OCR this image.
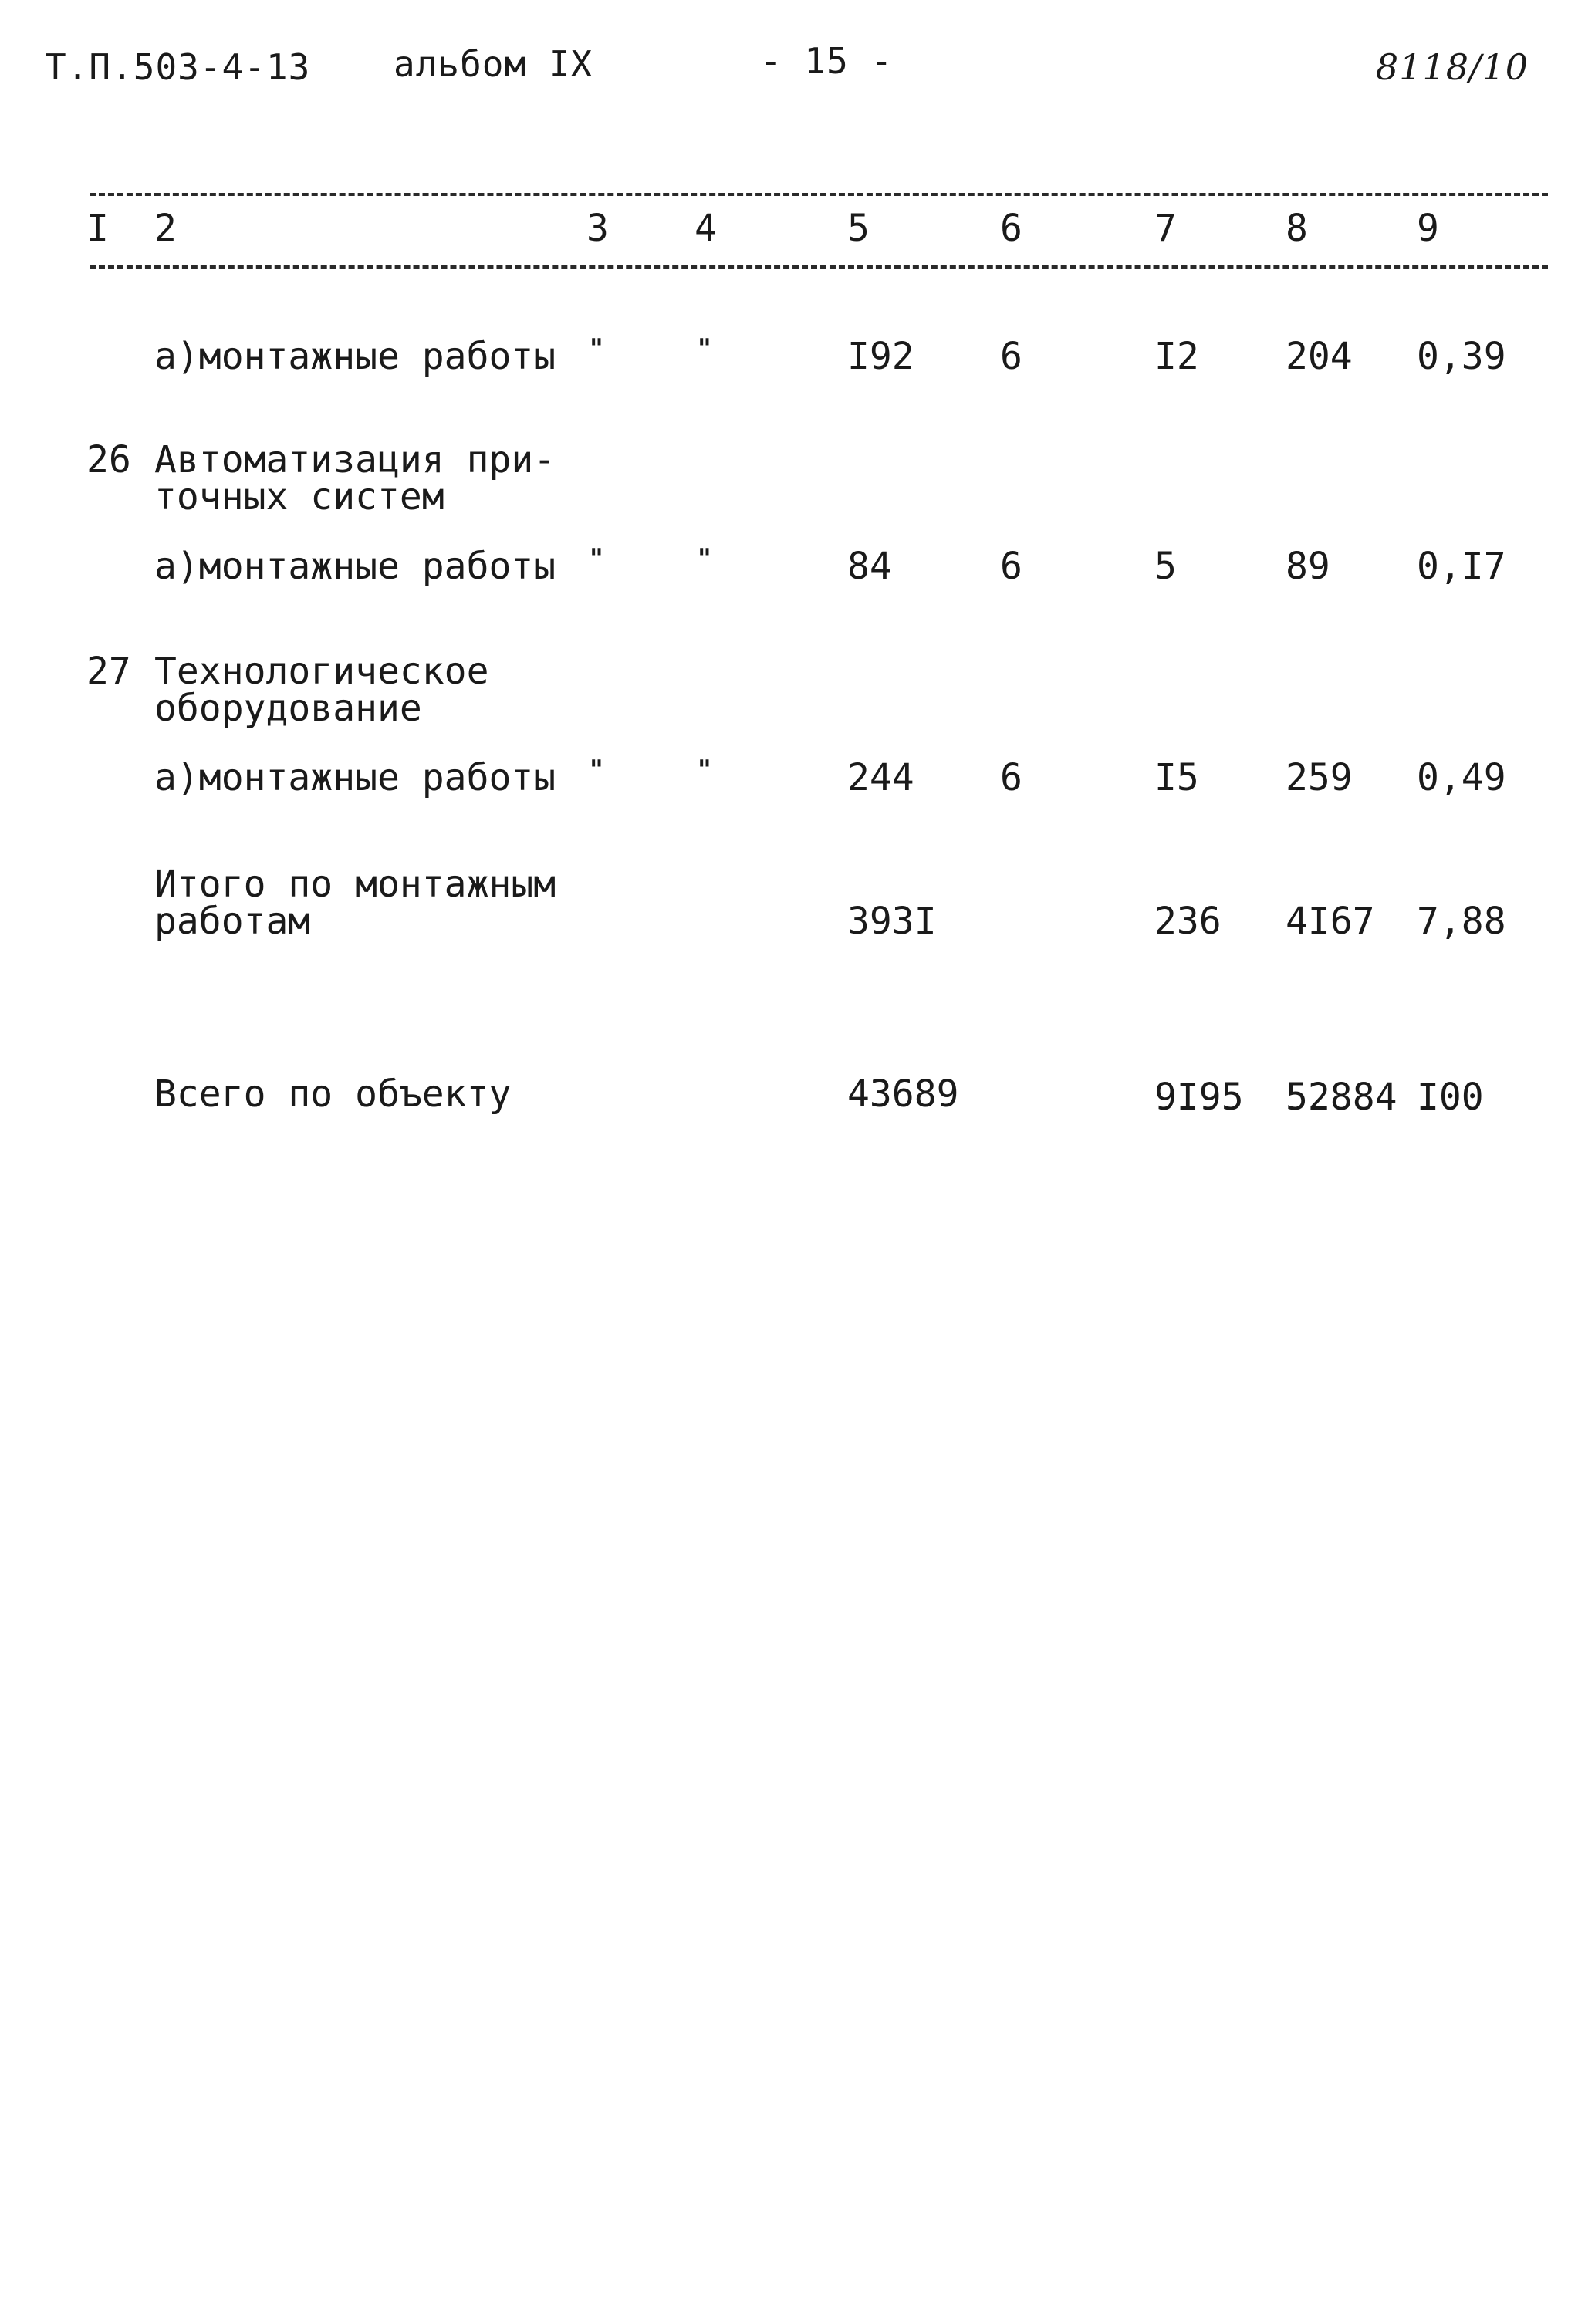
Т.П.503-4-13 альбом IX	- 15 -	8118/10
I 2	3 4	5	6	7	8	9
а)монтажные работы "	"	I92 6	I2 204 0,39
26 Автоматизация при-
точных систем
а)монтажные работы "	"	84	6	5	89 0,I7
27 Технологическое
оборудование
а)монтажные работы "	"	244 6	I5 259 0,49
Итого по монтажным
работам	393I	236 4I67 7,88
Всего по объекту	43689	9I95 52884 I00
